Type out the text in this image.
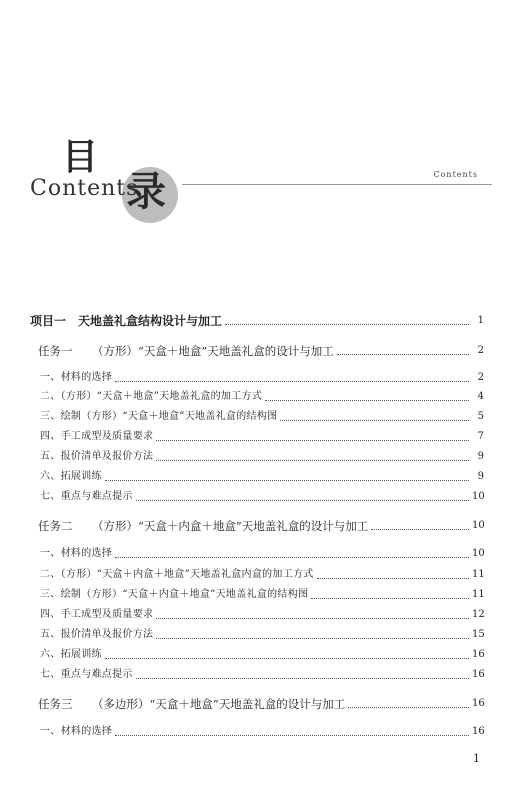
目
录
Contents
Contents
项目一　天地盖礼盒结构设计与加工	1
任务一 （方形）“天盒＋地盒”天地盖礼盒的设计与加工	2
一、材料的选择	2
二、（方形）“天盒＋地盒”天地盖礼盒的加工方式	4
三、绘制（方形）“天盒＋地盒”天地盖礼盒的结构图	5
四、手工成型及质量要求	7
五、报价清单及报价方法	9
六、拓展训练	9
七、重点与难点提示	10
任务二 （方形）“天盒＋内盒＋地盒”天地盖礼盒的设计与加工	10
一、材料的选择	10
二、（方形）“天盒＋内盒＋地盒”天地盖礼盒内盒的加工方式	11
三、绘制（方形）“天盒＋内盒＋地盒”天地盖礼盒的结构图	11
四、手工成型及质量要求	12
五、报价清单及报价方法	15
六、拓展训练	16
七、重点与难点提示	16
任务三 （多边形）“天盒＋地盒”天地盖礼盒的设计与加工	16
一、材料的选择	16
1
